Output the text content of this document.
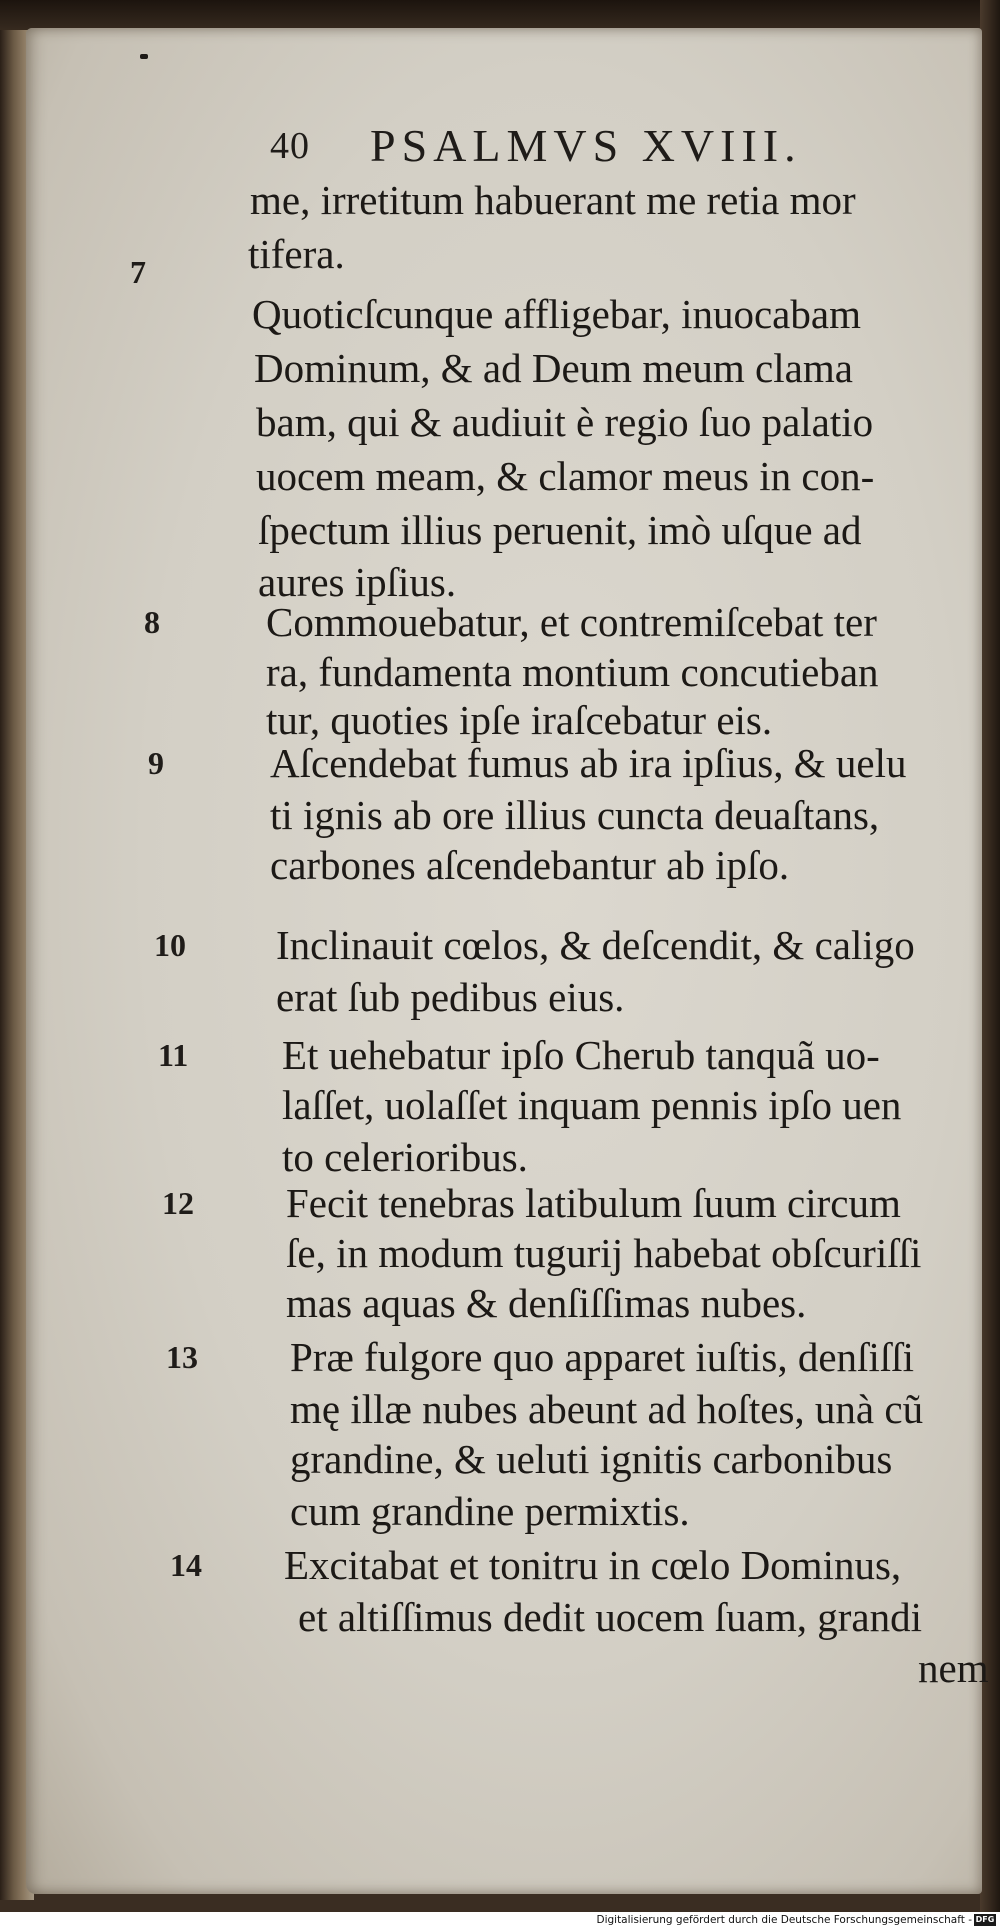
40 PSALMVS XVIII.
7
8
9
10
11
12
13
14
me, irretitum habuerant me retia mor
tifera.
Quoticſcunque affligebar, inuocabam
Dominum, & ad Deum meum clama
bam, qui & audiuit è regio ſuo palatio
uocem meam, & clamor meus in con-
ſpectum illius peruenit, imò uſque ad
aures ipſius.
Commouebatur, et contremiſcebat ter
ra, fundamenta montium concutieban
tur, quoties ipſe iraſcebatur eis.
Aſcendebat fumus ab ira ipſius, & uelu
ti ignis ab ore illius cuncta deuaſtans,
carbones aſcendebantur ab ipſo.
Inclinauit cœlos, & deſcendit, & caligo
erat ſub pedibus eius.
Et uehebatur ipſo Cherub tanquã uo-
laſſet, uolaſſet inquam pennis ipſo uen
to celerioribus.
Fecit tenebras latibulum ſuum circum
ſe, in modum tugurij habebat obſcuriſſi
mas aquas & denſiſſimas nubes.
Præ fulgore quo apparet iuſtis, denſiſſi
mę illæ nubes abeunt ad hoſtes, unà cũ
grandine, & ueluti ignitis carbonibus
cum grandine permixtis.
Excitabat et tonitru in cœlo Dominus,
et altiſſimus dedit uocem ſuam, grandi
nem
Digitalisierung gefördert durch die Deutsche Forschungsgemeinschaft - DFG
